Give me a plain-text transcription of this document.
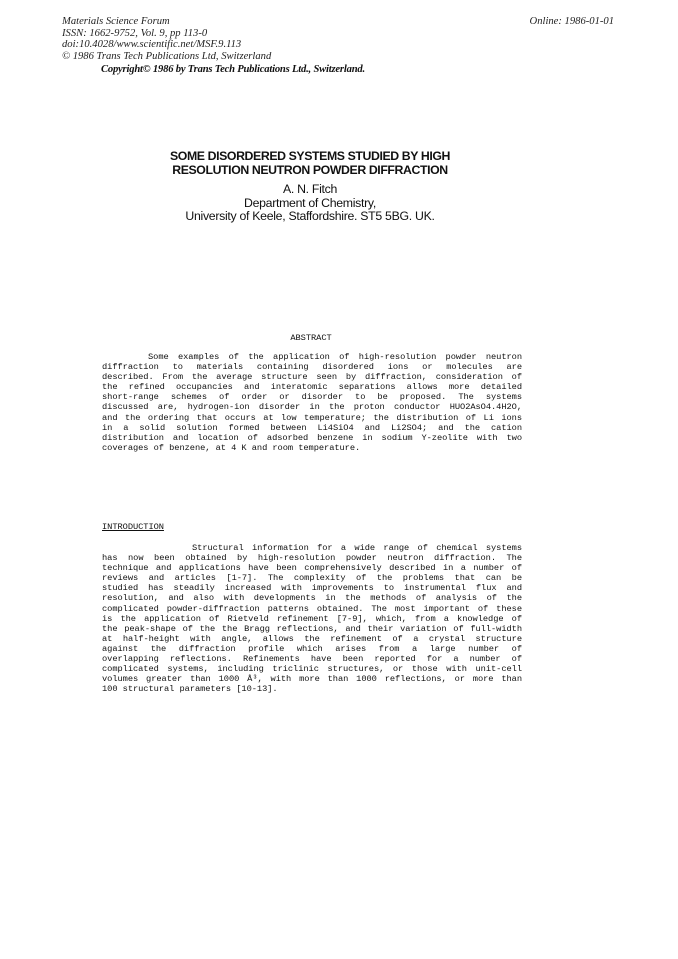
Materials Science Forum
ISSN: 1662-9752, Vol. 9, pp 113-0
doi:10.4028/www.scientific.net/MSF.9.113
© 1986 Trans Tech Publications Ltd, Switzerland
Online: 1986-01-01
Copyright© 1986 by Trans Tech Publications Ltd., Switzerland.
SOME DISORDERED SYSTEMS STUDIED BY HIGH
RESOLUTION NEUTRON POWDER DIFFRACTION
A. N. Fitch
Department of Chemistry,
University of Keele, Staffordshire. ST5 5BG. UK.
ABSTRACT
Some examples of the application of high-resolution powder neutron
diffraction to materials containing disordered ions or molecules are
described. From the average structure seen by diffraction, consideration of
the refined occupancies and interatomic separations allows more detailed
short-range schemes of order or disorder to be proposed. The systems
discussed are, hydrogen-ion disorder in the proton conductor HUO2AsO4.4H2O,
and the ordering that occurs at low temperature; the distribution of Li ions
in a solid solution formed between Li4SiO4 and Li2SO4; and the cation
distribution and location of adsorbed benzene in sodium Y-zeolite with two
coverages of benzene, at 4 K and room temperature.
INTRODUCTION
Structural information for a wide range of chemical systems
has now been obtained by high-resolution powder neutron diffraction. The
technique and applications have been comprehensively described in a number of
reviews and articles [1-7]. The complexity of the problems that can be
studied has steadily increased with improvements to instrumental flux and
resolution, and also with developments in the methods of analysis of the
complicated powder-diffraction patterns obtained. The most important of these
is the application of Rietveld refinement [7-9], which, from a knowledge of
the peak-shape of the the Bragg reflections, and their variation of full-width
at half-height with angle, allows the refinement of a crystal structure
against the diffraction profile which arises from a large number of
overlapping reflections. Refinements have been reported for a number of
complicated systems, including triclinic structures, or those with unit-cell
volumes greater than 1000 Å³, with more than 1000 reflections, or more than
100 structural parameters [10-13].
